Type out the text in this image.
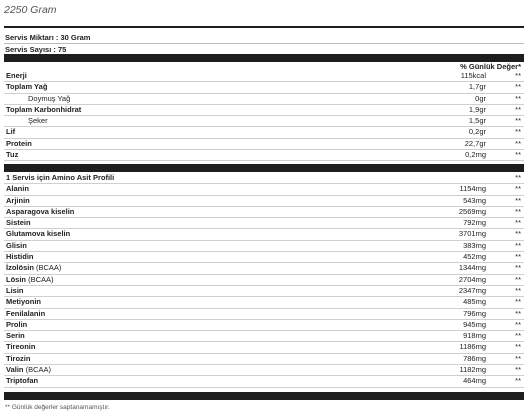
2250 Gram
Servis Miktarı : 30 Gram
Servis Sayısı : 75
% Günlük Değer*
Enerji	115kcal	**
Toplam Yağ	1,7gr	**
Doymuş Yağ	0gr	**
Toplam Karbonhidrat	1,9gr	**
Şeker	1,5gr	**
Lif	0,2gr	**
Protein	22,7gr	**
Tuz	0,2mg	**
1 Servis için Amino Asit Profili	**
Alanin	1154mg	**
Arjinin	543mg	**
Asparagova kiselin	2569mg	**
Sistein	792mg	**
Glutamova kiselin	3701mg	**
Glisin	383mg	**
Histidin	452mg	**
İzolösin (BCAA)	1344mg	**
Lösin (BCAA)	2704mg	**
Lisin	2347mg	**
Metiyonin	485mg	**
Fenilalanin	796mg	**
Prolin	945mg	**
Serin	918mg	**
Tireonin	1186mg	**
Tirozin	786mg	**
Valin (BCAA)	1182mg	**
Triptofan	464mg	**
** Günlük değerler saptanamamıştır.
